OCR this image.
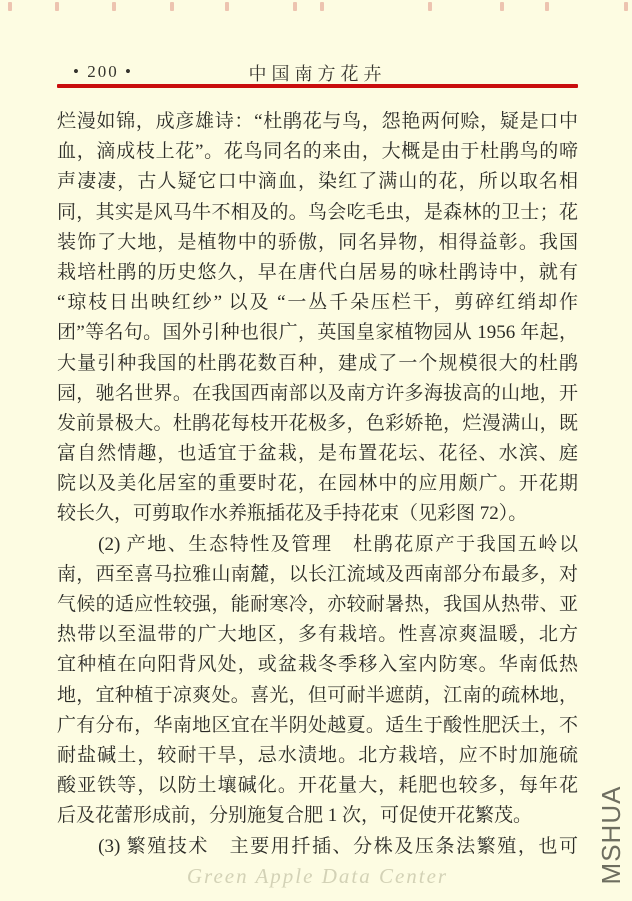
• 200 •	中国南方花卉
烂漫如锦，成彦雄诗：“杜鹃花与鸟，怨艳两何赊，疑是口中
血，滴成枝上花”。花鸟同名的来由，大概是由于杜鹃鸟的啼
声凄凄，古人疑它口中滴血，染红了满山的花，所以取名相
同，其实是风马牛不相及的。鸟会吃毛虫，是森林的卫士；花
装饰了大地，是植物中的骄傲，同名异物，相得益彰。我国
栽培杜鹃的历史悠久，早在唐代白居易的咏杜鹃诗中，就有
“琼枝日出映红纱” 以及 “一丛千朵压栏干，剪碎红绡却作
团”等名句。国外引种也很广，英国皇家植物园从 1956 年起，
大量引种我国的杜鹃花数百种，建成了一个规模很大的杜鹃
园，驰名世界。在我国西南部以及南方许多海拔高的山地，开
发前景极大。杜鹃花每枝开花极多，色彩娇艳，烂漫满山，既
富自然情趣，也适宜于盆栽，是布置花坛、花径、水滨、庭
院以及美化居室的重要时花，在园林中的应用颇广。开花期
较长久，可剪取作水养瓶插花及手持花束（见彩图 72）。
　　(2) 产地、生态特性及管理　杜鹃花原产于我国五岭以
南，西至喜马拉雅山南麓，以长江流域及西南部分布最多，对
气候的适应性较强，能耐寒冷，亦较耐暑热，我国从热带、亚
热带以至温带的广大地区，多有栽培。性喜凉爽温暖，北方
宜种植在向阳背风处，或盆栽冬季移入室内防寒。华南低热
地，宜种植于凉爽处。喜光，但可耐半遮荫，江南的疏林地，
广有分布，华南地区宜在半阴处越夏。适生于酸性肥沃土，不
耐盐碱土，较耐干旱，忌水渍地。北方栽培，应不时加施硫
酸亚铁等，以防土壤碱化。开花量大，耗肥也较多，每年花
后及花蕾形成前，分别施复合肥 1 次，可促使开花繁茂。
　　(3) 繁殖技术　主要用扦插、分株及压条法繁殖，也可
Green Apple Data Center	MSHUA
